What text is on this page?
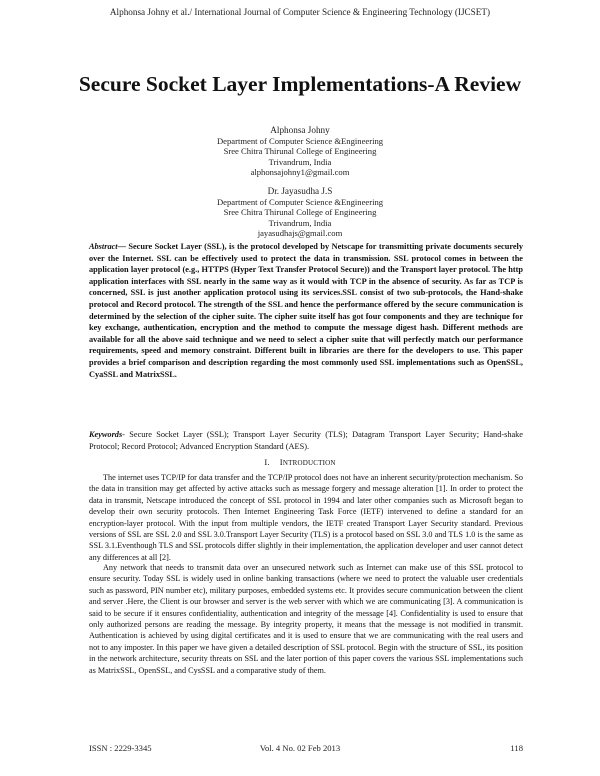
Alphonsa Johny et al./ International Journal of Computer Science & Engineering Technology (IJCSET)
Secure Socket Layer Implementations-A Review
Alphonsa Johny
Department of Computer Science &Engineering
Sree Chitra Thirunal College of Engineering
Trivandrum, India
alphonsajohny1@gmail.com
Dr. Jayasudha J.S
Department of Computer Science &Engineering
Sree Chitra Thirunal College of Engineering
Trivandrum, India
jayasudhajs@gmail.com
Abstract— Secure Socket Layer (SSL), is the protocol developed by Netscape for transmitting private documents securely over the Internet. SSL can be effectively used to protect the data in transmission. SSL protocol comes in between the application layer protocol (e.g., HTTPS (Hyper Text Transfer Protocol Secure)) and the Transport layer protocol. The http application interfaces with SSL nearly in the same way as it would with TCP in the absence of security. As far as TCP is concerned, SSL is just another application protocol using its services.SSL consist of two sub-protocols, the Hand-shake protocol and Record protocol. The strength of the SSL and hence the performance offered by the secure communication is determined by the selection of the cipher suite. The cipher suite itself has got four components and they are technique for key exchange, authentication, encryption and the method to compute the message digest hash. Different methods are available for all the above said technique and we need to select a cipher suite that will perfectly match our performance requirements, speed and memory constraint. Different built in libraries are there for the developers to use. This paper provides a brief comparison and description regarding the most commonly used SSL implementations such as OpenSSL, CyaSSL and MatrixSSL.
Keywords- Secure Socket Layer (SSL); Transport Layer Security (TLS); Datagram Transport Layer Security; Hand-shake Protocol; Record Protocol; Advanced Encryption Standard (AES).
I. INTRODUCTION

The internet uses TCP/IP for data transfer and the TCP/IP protocol does not have an inherent security/protection mechanism. So the data in transition may get affected by active attacks such as message forgery and message alteration [1]. In order to protect the data in transmit, Netscape introduced the concept of SSL protocol in 1994 and later other companies such as Microsoft began to develop their own security protocols. Then Internet Engineering Task Force (IETF) intervened to define a standard for an encryption-layer protocol. With the input from multiple vendors, the IETF created Transport Layer Security standard. Previous versions of SSL are SSL 2.0 and SSL 3.0.Transport Layer Security (TLS) is a protocol based on SSL 3.0 and TLS 1.0 is the same as SSL 3.1.Eventhough TLS and SSL protocols differ slightly in their implementation, the application developer and user cannot detect any differences at all [2].

Any network that needs to transmit data over an unsecured network such as Internet can make use of this SSL protocol to ensure security. Today SSL is widely used in online banking transactions (where we need to protect the valuable user credentials such as password, PIN number etc), military purposes, embedded systems etc. It provides secure communication between the client and server .Here, the Client is our browser and server is the web server with which we are communicating [3]. A communication is said to be secure if it ensures confidentiality, authentication and integrity of the message [4]. Confidentiality is used to ensure that only authorized persons are reading the message. By integrity property, it means that the message is not modified in transmit. Authentication is achieved by using digital certificates and it is used to ensure that we are communicating with the real users and not to any imposter. In this paper we have given a detailed description of SSL protocol. Begin with the structure of SSL, its position in the network architecture, security threats on SSL and the later portion of this paper covers the various SSL implementations such as MatrixSSL, OpenSSL, and CysSSL and a comparative study of them.

ISSN : 2229-3345	Vol. 4 No. 02 Feb 2013	118
